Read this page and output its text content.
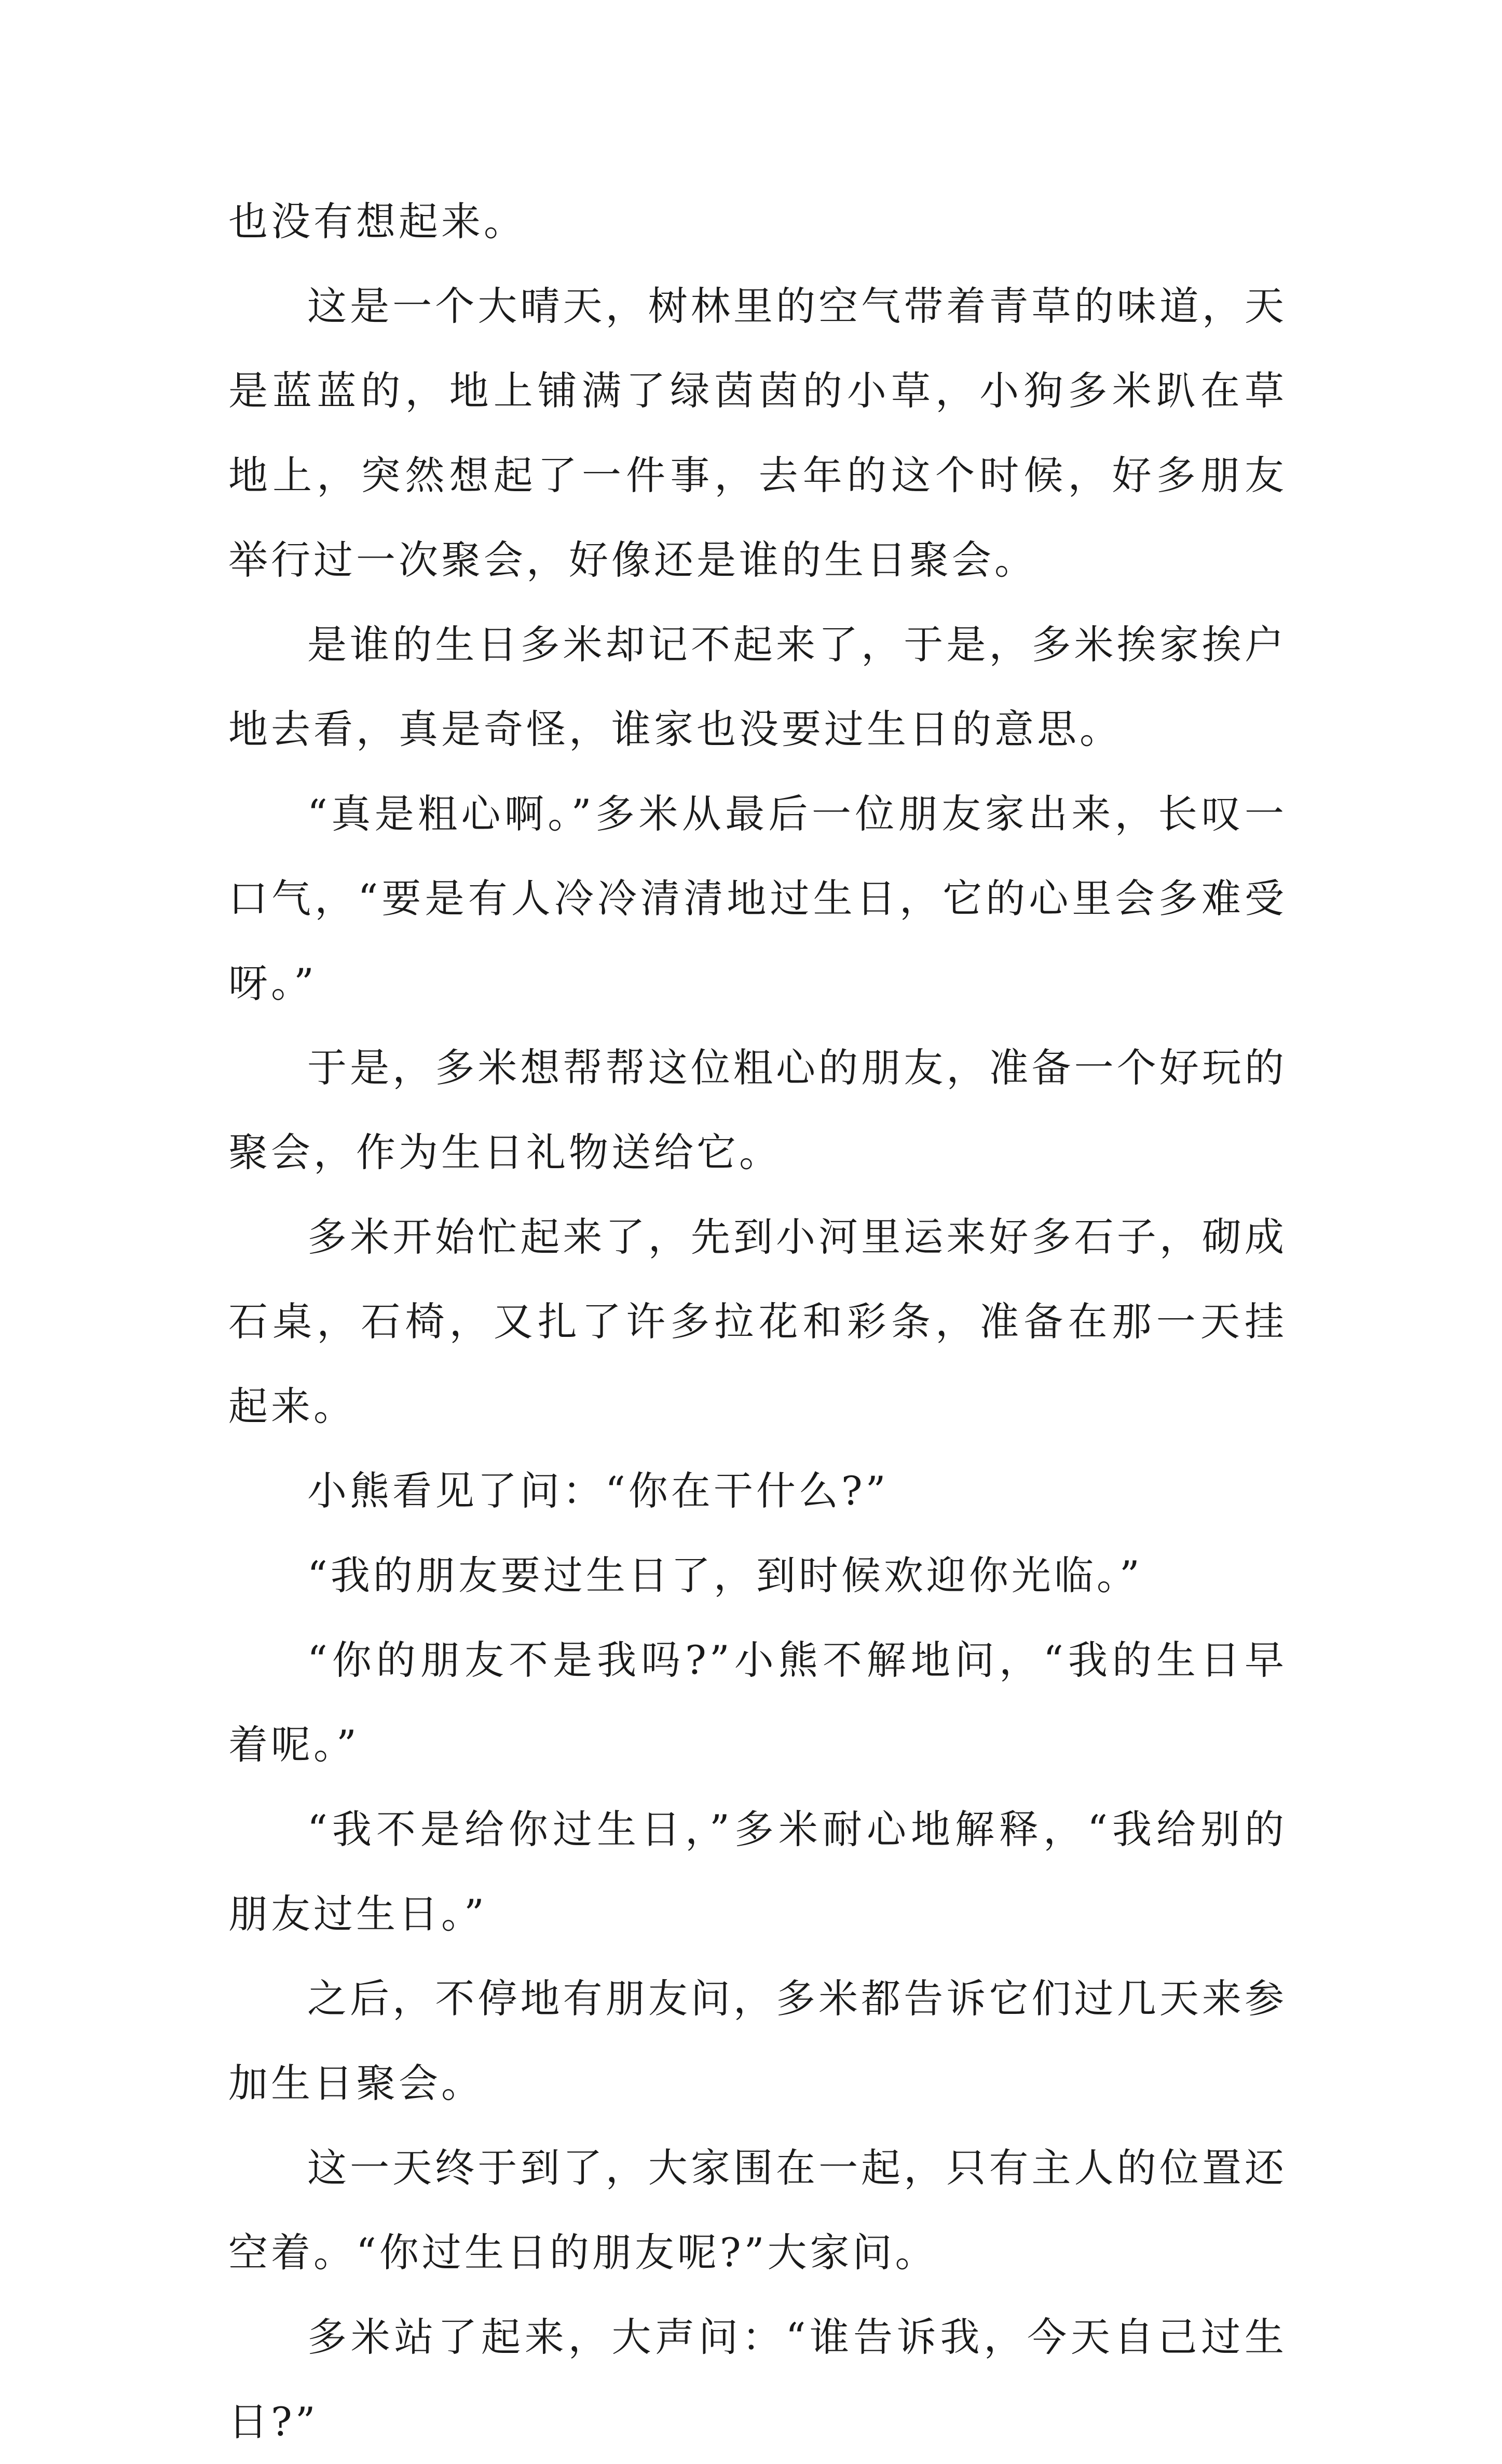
也没有想起来。

这是一个大晴天，树林里的空气带着青草的味道，天是蓝蓝的，地上铺满了绿茵茵的小草，小狗多米趴在草地上，突然想起了一件事，去年的这个时候，好多朋友举行过一次聚会，好像还是谁的生日聚会。

是谁的生日多米却记不起来了，于是，多米挨家挨户地去看，真是奇怪，谁家也没要过生日的意思。

“真是粗心啊。”多米从最后一位朋友家出来，长叹一口气，“要是有人冷冷清清地过生日，它的心里会多难受呀。”

于是，多米想帮帮这位粗心的朋友，准备一个好玩的聚会，作为生日礼物送给它。

多米开始忙起来了，先到小河里运来好多石子，砌成石桌，石椅，又扎了许多拉花和彩条，准备在那一天挂起来。

小熊看见了问：“你在干什么?”

“我的朋友要过生日了，到时候欢迎你光临。”

“你的朋友不是我吗?”小熊不解地问，“我的生日早着呢。”

“我不是给你过生日，”多米耐心地解释，“我给别的朋友过生日。”

之后，不停地有朋友问，多米都告诉它们过几天来参加生日聚会。

这一天终于到了，大家围在一起，只有主人的位置还空着。“你过生日的朋友呢?”大家问。

多米站了起来，大声问：“谁告诉我，今天自己过生日?”
